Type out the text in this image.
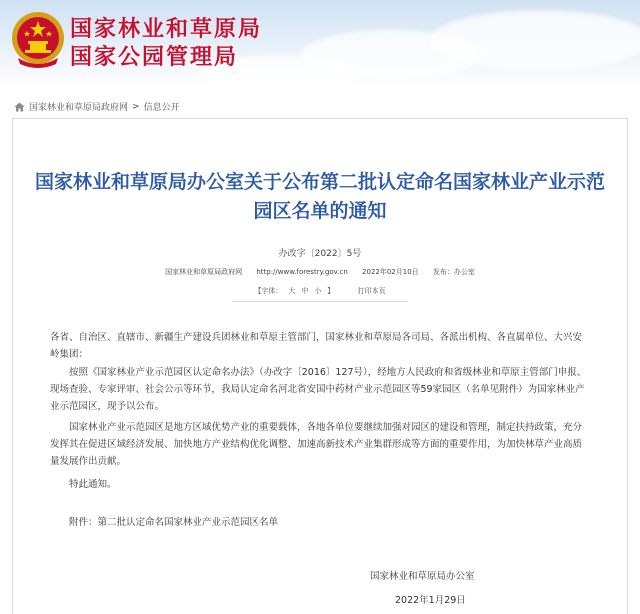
国家林业和草原局
国家公园管理局
国家林业和草原局政府网 > 信息公开
国家林业和草原局办公室关于公布第二批认定命名国家林业产业示范园区名单的通知
办改字〔2022〕5号
国家林业和草原局政府网 http://www.forestry.gov.cn 2022年02月10日 发布：办公室
【字体： 大 中 小 】	打印本页
各省、自治区、直辖市、新疆生产建设兵团林业和草原主管部门，国家林业和草原局各司局、各派出机构、各直属单位、大兴安岭集团：
按照《国家林业产业示范园区认定命名办法》（办改字〔2016〕127号），经地方人民政府和省级林业和草原主管部门申报、现场查验、专家评审、社会公示等环节，我局认定命名河北省安国中药材产业示范园区等59家园区（名单见附件）为国家林业产业示范园区，现予以公布。
国家林业产业示范园区是地方区域优势产业的重要载体，各地各单位要继续加强对园区的建设和管理，制定扶持政策，充分发挥其在促进区域经济发展、加快地方产业结构优化调整、加速高新技术产业集群形成等方面的重要作用，为加快林草产业高质量发展作出贡献。
特此通知。
附件：第二批认定命名国家林业产业示范园区名单
国家林业和草原局办公室
2022年1月29日
